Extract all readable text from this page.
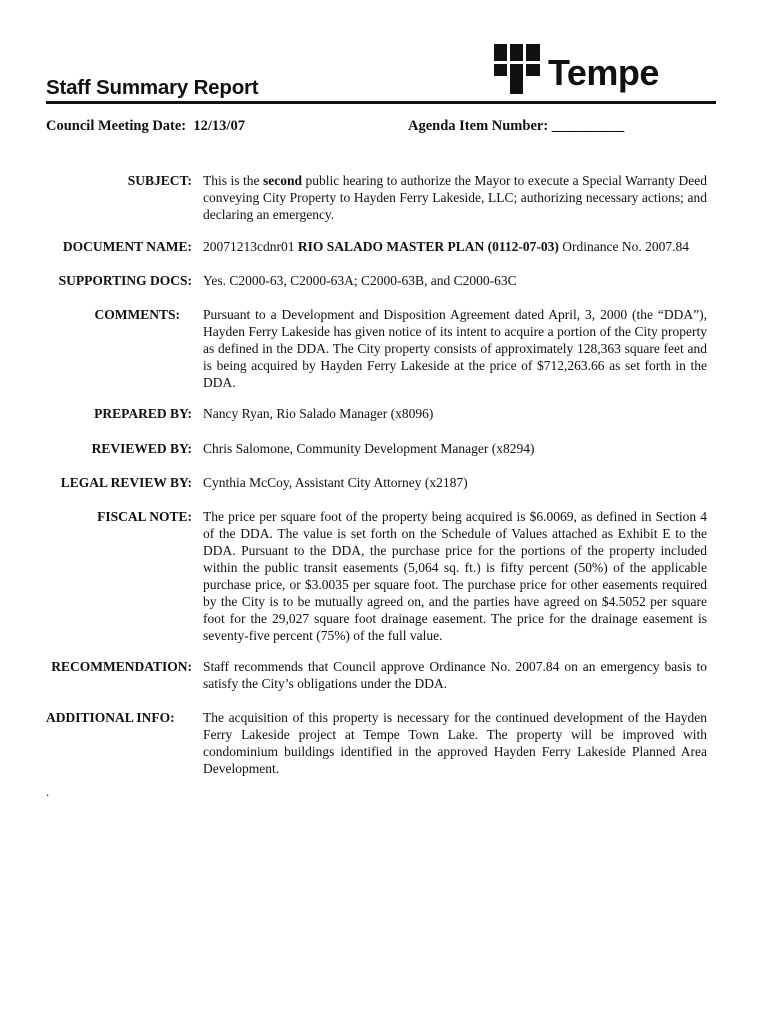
Staff Summary Report	Tempe
Council Meeting Date: 12/13/07	Agenda Item Number: __________
SUBJECT: This is the second public hearing to authorize the Mayor to execute a Special Warranty Deed conveying City Property to Hayden Ferry Lakeside, LLC; authorizing necessary actions; and declaring an emergency.
DOCUMENT NAME: 20071213cdnr01 RIO SALADO MASTER PLAN (0112-07-03) Ordinance No. 2007.84
SUPPORTING DOCS: Yes. C2000-63, C2000-63A; C2000-63B, and C2000-63C
COMMENTS: Pursuant to a Development and Disposition Agreement dated April, 3, 2000 (the “DDA”), Hayden Ferry Lakeside has given notice of its intent to acquire a portion of the City property as defined in the DDA. The City property consists of approximately 128,363 square feet and is being acquired by Hayden Ferry Lakeside at the price of $712,263.66 as set forth in the DDA.
PREPARED BY: Nancy Ryan, Rio Salado Manager (x8096)
REVIEWED BY: Chris Salomone, Community Development Manager (x8294)
LEGAL REVIEW BY: Cynthia McCoy, Assistant City Attorney (x2187)
FISCAL NOTE: The price per square foot of the property being acquired is $6.0069, as defined in Section 4 of the DDA. The value is set forth on the Schedule of Values attached as Exhibit E to the DDA. Pursuant to the DDA, the purchase price for the portions of the property included within the public transit easements (5,064 sq. ft.) is fifty percent (50%) of the applicable purchase price, or $3.0035 per square foot. The purchase price for other easements required by the City is to be mutually agreed on, and the parties have agreed on $4.5052 per square foot for the 29,027 square foot drainage easement. The price for the drainage easement is seventy-five percent (75%) of the full value.
RECOMMENDATION: Staff recommends that Council approve Ordinance No. 2007.84 on an emergency basis to satisfy the City’s obligations under the DDA.
ADDITIONAL INFO: The acquisition of this property is necessary for the continued development of the Hayden Ferry Lakeside project at Tempe Town Lake. The property will be improved with condominium buildings identified in the approved Hayden Ferry Lakeside Planned Area Development.
.
